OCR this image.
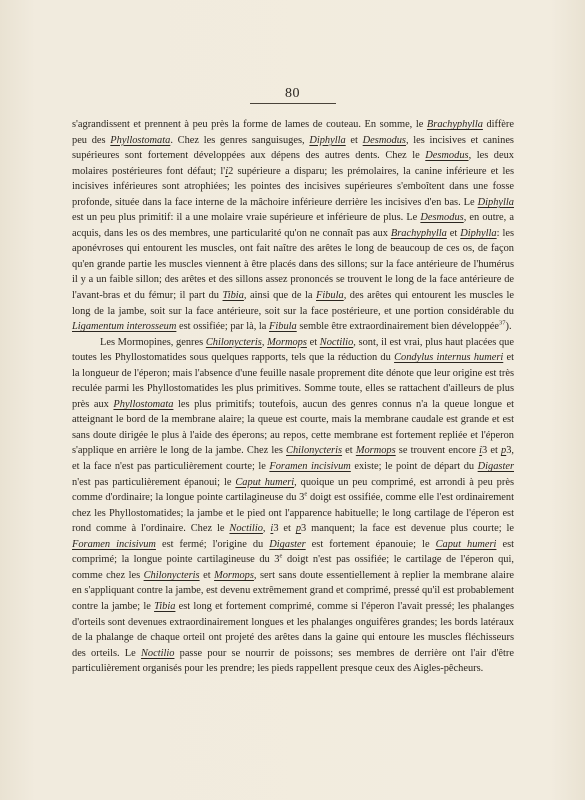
80

s'agrandissent et prennent à peu près la forme de lames de couteau. En somme, le Brachyphylla diffère peu des Phyllostomata. Chez les genres sanguisuges, Diphylla et Desmodus, les incisives et canines supérieures sont fortement développées aux dépens des autres dents. Chez le Desmodus, les deux molaires postérieures font défaut; l'i2 supérieure a disparu; les prémolaires, la canine inférieure et les incisives inférieures sont atrophiées; les pointes des incisives supérieures s'emboîtent dans une fosse profonde, située dans la face interne de la mâchoire inférieure derrière les incisives d'en bas. Le Diphylla est un peu plus primitif: il a une molaire vraie supérieure et inférieure de plus. Le Desmodus, en outre, a acquis, dans les os des membres, une particularité qu'on ne connaît pas aux Brachyphylla et Diphylla: les aponévroses qui entourent les muscles, ont fait naître des arêtes le long de beaucoup de ces os, de façon qu'en grande partie les muscles viennent à être placés dans des sillons; sur la face antérieure de l'humérus il y a un faible sillon; des arêtes et des sillons assez prononcés se trouvent le long de la face antérieure de l'avant-bras et du fémur; il part du Tibia, ainsi que de la Fibula, des arêtes qui entourent les muscles le long de la jambe, soit sur la face antérieure, soit sur la face postérieure, et une portion considérable du Ligamentum interosseum est ossifiée; par là, la Fibula semble être extraordinairement bien développée$^{37}$).

Les Mormopines, genres Chilonycteris, Mormops et Noctilio, sont, il est vrai, plus haut placées que toutes les Phyllostomatides sous quelques rapports, tels que la réduction du Condylus internus humeri et la longueur de l'éperon; mais l'absence d'une feuille nasale proprement dite dénote que leur origine est très reculée parmi les Phyllostomatides les plus primitives. Somme toute, elles se rattachent d'ailleurs de plus près aux Phyllostomata les plus primitifs; toutefois, aucun des genres connus n'a la queue longue et atteignant le bord de la membrane alaire; la queue est courte, mais la membrane caudale est grande et est sans doute dirigée le plus à l'aide des éperons; au repos, cette membrane est fortement repliée et l'éperon s'applique en arrière le long de la jambe. Chez les Chilonycteris et Mormops se trouvent encore i3 et p3, et la face n'est pas particulièrement courte; le Foramen incisivum existe; le point de départ du Digaster n'est pas particulièrement épanoui; le Caput humeri, quoique un peu comprimé, est arrondi à peu près comme d'ordinaire; la longue pointe cartilagineuse du 3e doigt est ossifiée, comme elle l'est ordinairement chez les Phyllostomatides; la jambe et le pied ont l'apparence habituelle; le long cartilage de l'éperon est rond comme à l'ordinaire. Chez le Noctilio, i3 et p3 manquent; la face est devenue plus courte; le Foramen incisivum est fermé; l'origine du Digaster est fortement épanouie; le Caput humeri est comprimé; la longue pointe cartilagineuse du 3e doigt n'est pas ossifiée; le cartilage de l'éperon qui, comme chez les Chilonycteris et Mormops, sert sans doute essentiellement à replier la membrane alaire en s'appliquant contre la jambe, est devenu extrêmement grand et comprimé, pressé qu'il est probablement contre la jambe; le Tibia est long et fortement comprimé, comme si l'éperon l'avait pressé; les phalanges d'orteils sont devenues extraordinairement longues et les phalanges onguifères grandes; les bords latéraux de la phalange de chaque orteil ont projeté des arêtes dans la gaine qui entoure les muscles fléchisseurs des orteils. Le Noctilio passe pour se nourrir de poissons; ses membres de derrière ont l'air d'être particulièrement organisés pour les prendre; les pieds rappellent presque ceux des Aigles-pêcheurs.
